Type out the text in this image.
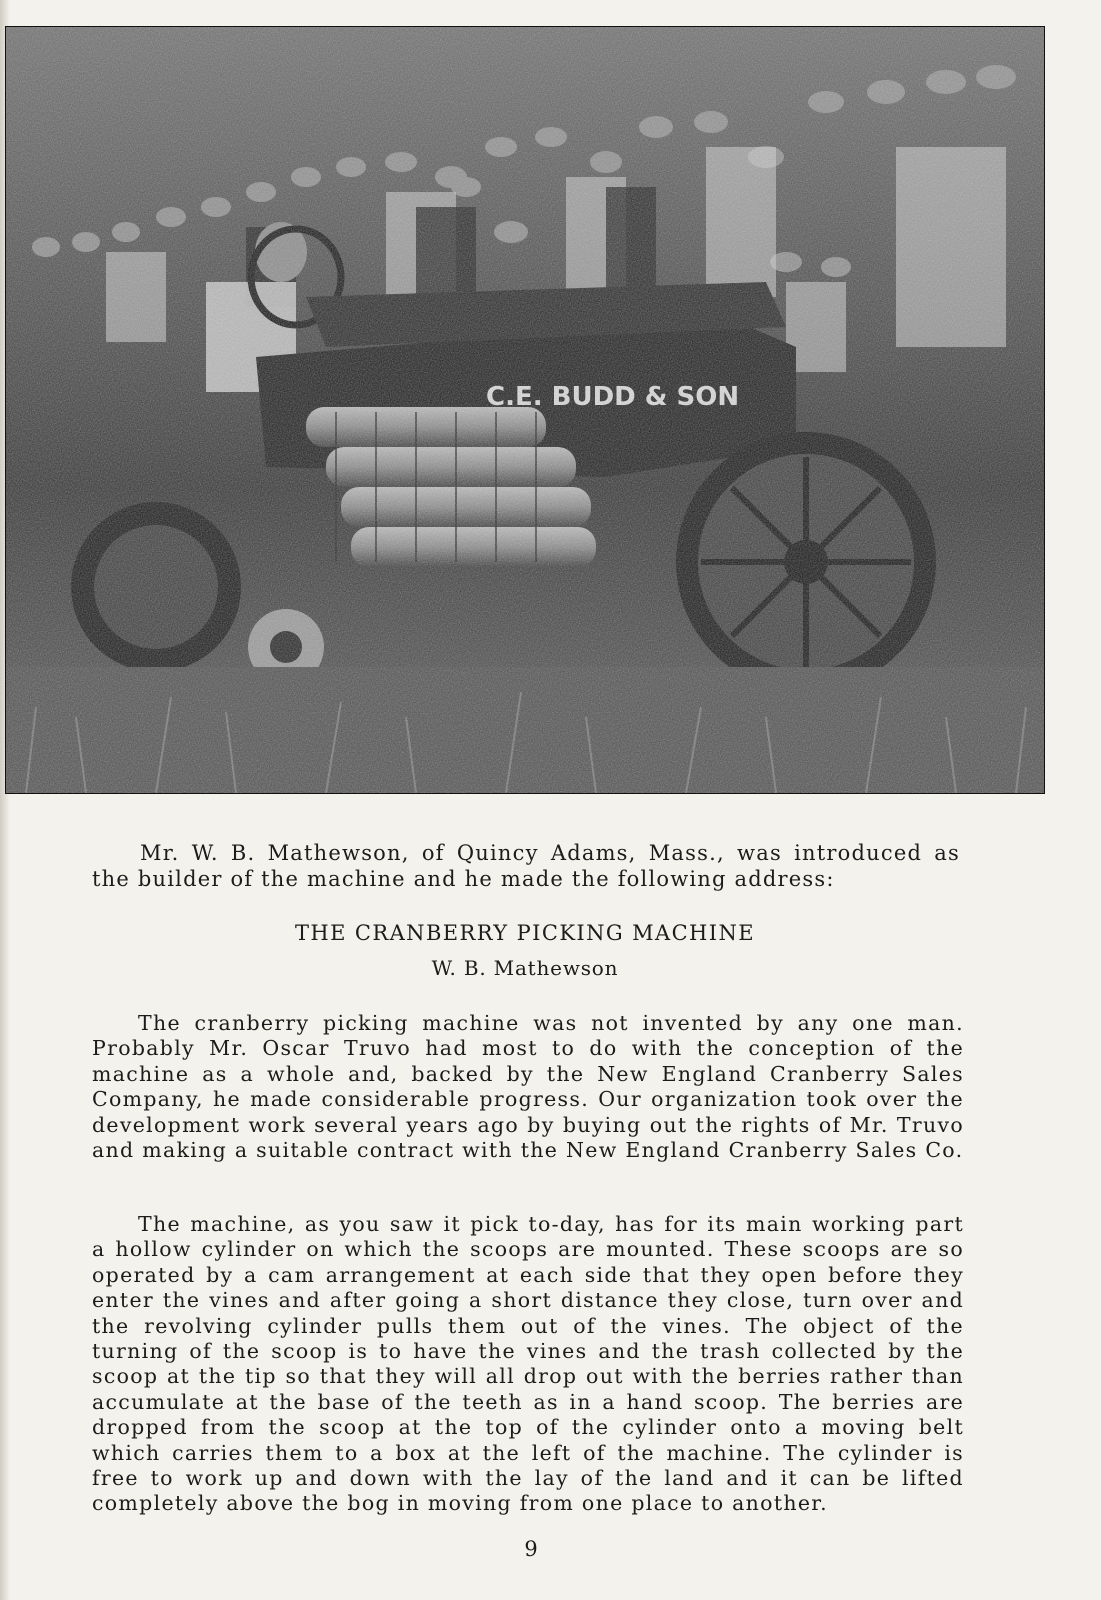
Mr. W. B. Mathewson, of Quincy Adams, Mass., was introduced as the builder of the machine and he made the following address:

THE CRANBERRY PICKING MACHINE

W. B. Mathewson

The cranberry picking machine was not invented by any one man. Probably Mr. Oscar Truvo had most to do with the conception of the machine as a whole and, backed by the New England Cranberry Sales Company, he made considerable progress. Our organization took over the development work several years ago by buying out the rights of Mr. Truvo and making a suitable contract with the New England Cranberry Sales Co.

The machine, as you saw it pick to-day, has for its main working part a hollow cylinder on which the scoops are mounted. These scoops are so operated by a cam arrangement at each side that they open before they enter the vines and after going a short distance they close, turn over and the revolving cylinder pulls them out of the vines. The object of the turning of the scoop is to have the vines and the trash collected by the scoop at the tip so that they will all drop out with the berries rather than accumulate at the base of the teeth as in a hand scoop. The berries are dropped from the scoop at the top of the cylinder onto a moving belt which carries them to a box at the left of the machine. The cylinder is free to work up and down with the lay of the land and it can be lifted completely above the bog in moving from one place to another.

9
